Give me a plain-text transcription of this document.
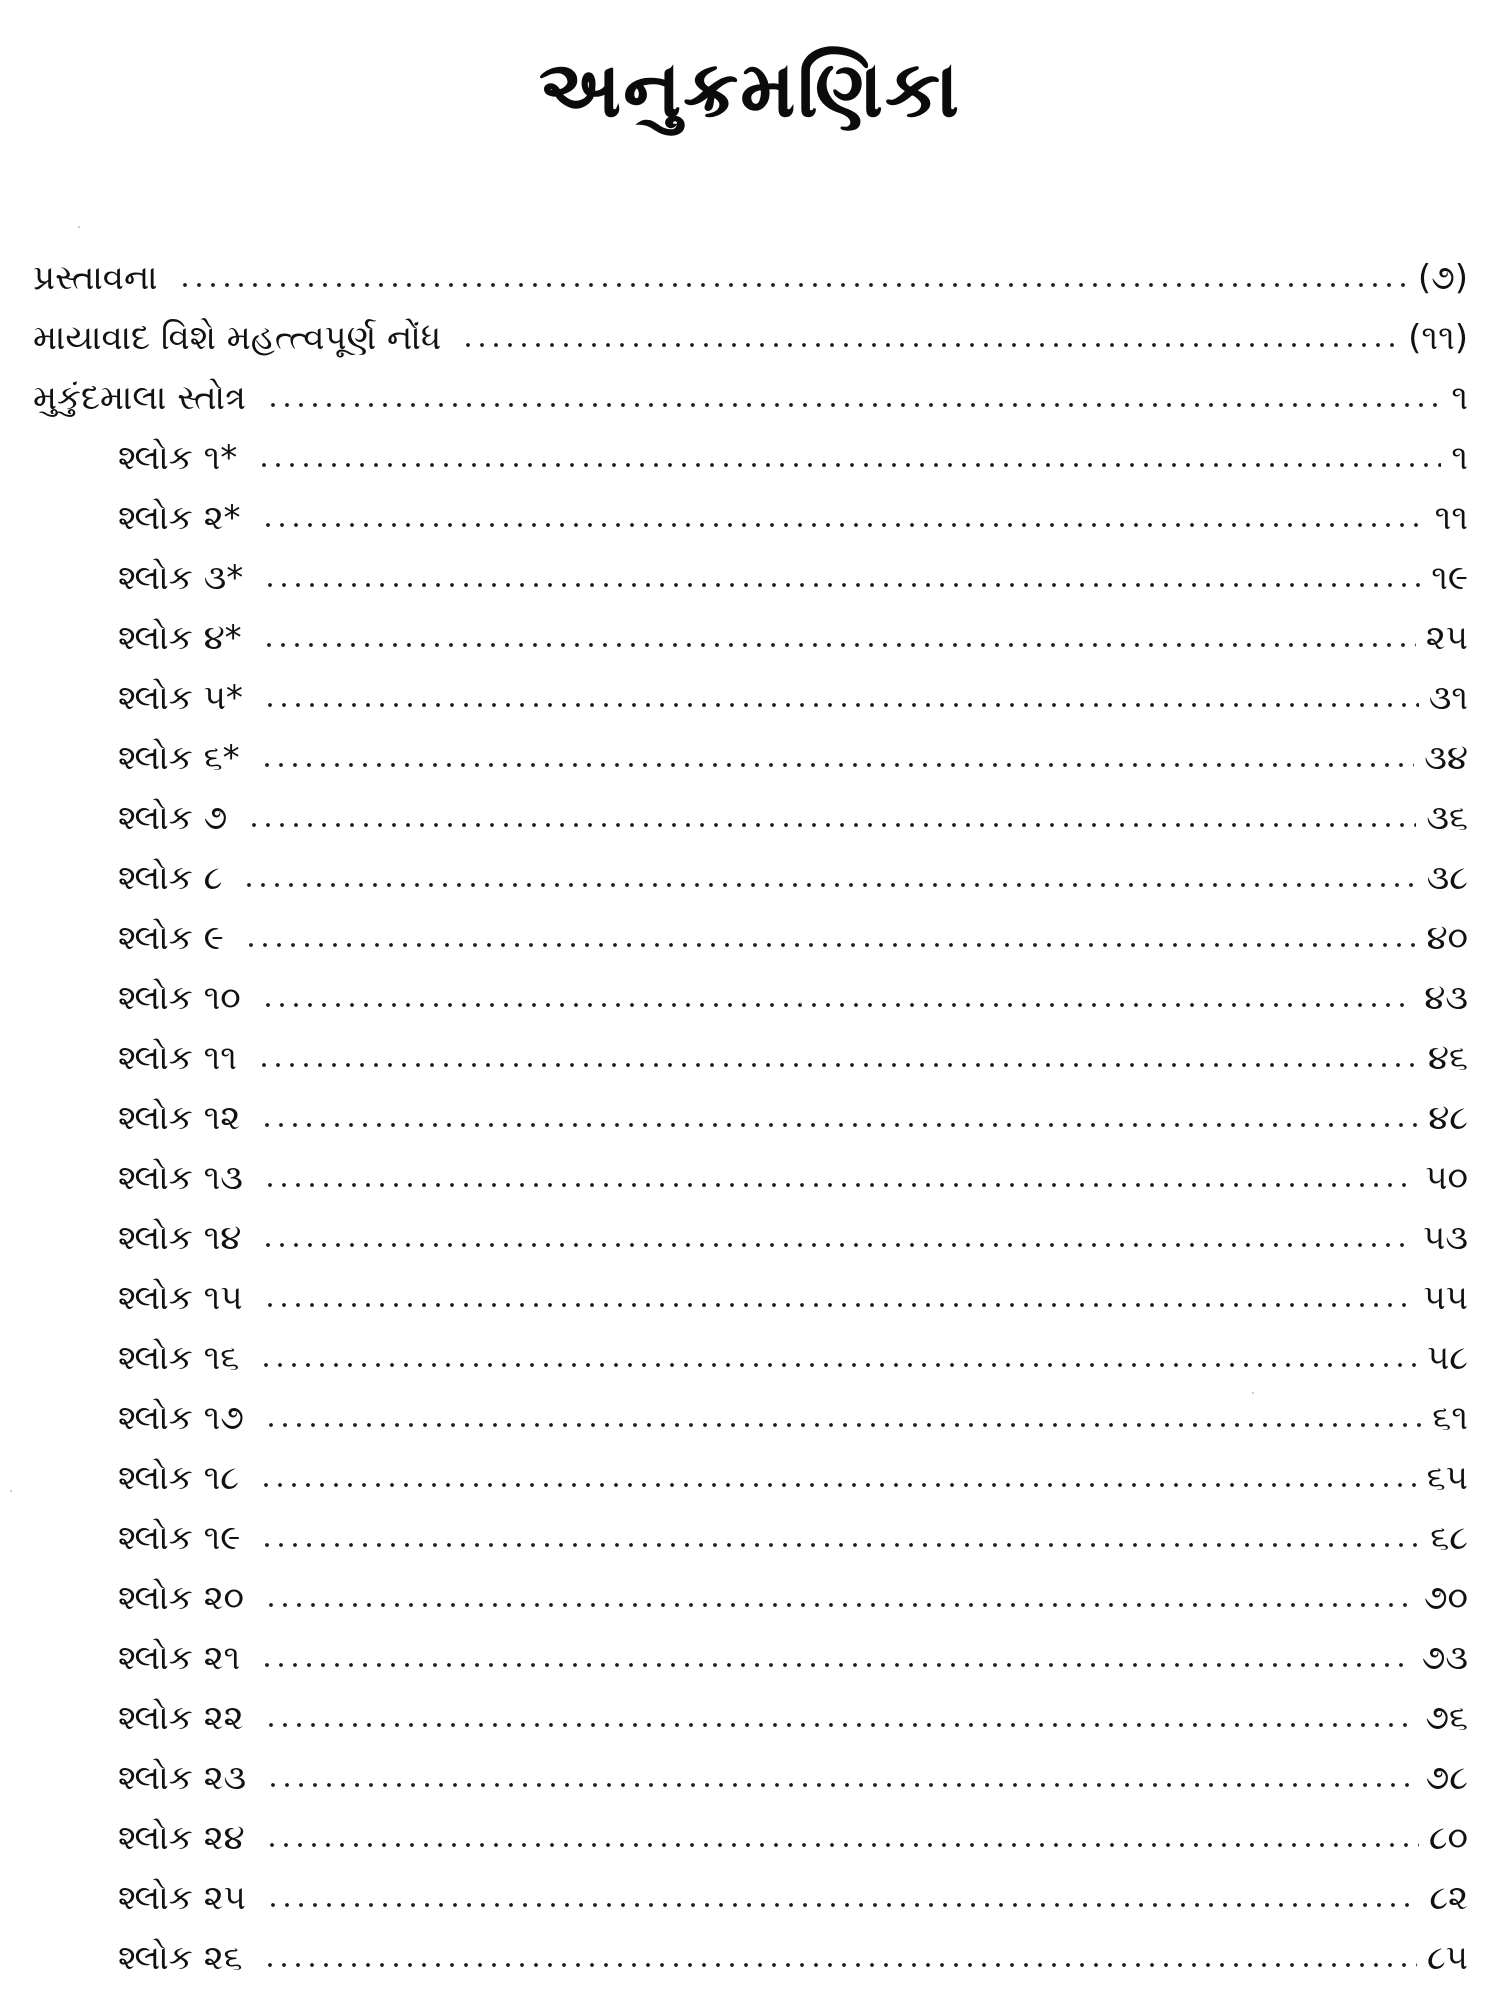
અનુક્રમણિકા
પ્રસ્તાવના	(૭)
માયાવાદ વિશે મહત્ત્વપૂર્ણ નોંધ	(૧૧)
મુકુંદમાલા સ્તોત્ર	૧
શ્લોક ૧*	૧
શ્લોક ૨*	૧૧
શ્લોક ૩*	૧૯
શ્લોક ૪*	૨૫
શ્લોક ૫*	૩૧
શ્લોક ૬*	૩૪
શ્લોક ૭	૩૬
શ્લોક ૮	૩૮
શ્લોક ૯	૪૦
શ્લોક ૧૦	૪૩
શ્લોક ૧૧	૪૬
શ્લોક ૧૨	૪૮
શ્લોક ૧૩	૫૦
શ્લોક ૧૪	૫૩
શ્લોક ૧૫	૫૫
શ્લોક ૧૬	૫૮
શ્લોક ૧૭	૬૧
શ્લોક ૧૮	૬૫
શ્લોક ૧૯	૬૮
શ્લોક ૨૦	૭૦
શ્લોક ૨૧	૭૩
શ્લોક ૨૨	૭૬
શ્લોક ૨૩	૭૮
શ્લોક ૨૪	૮૦
શ્લોક ૨૫	૮૨
શ્લોક ૨૬	૮૫
